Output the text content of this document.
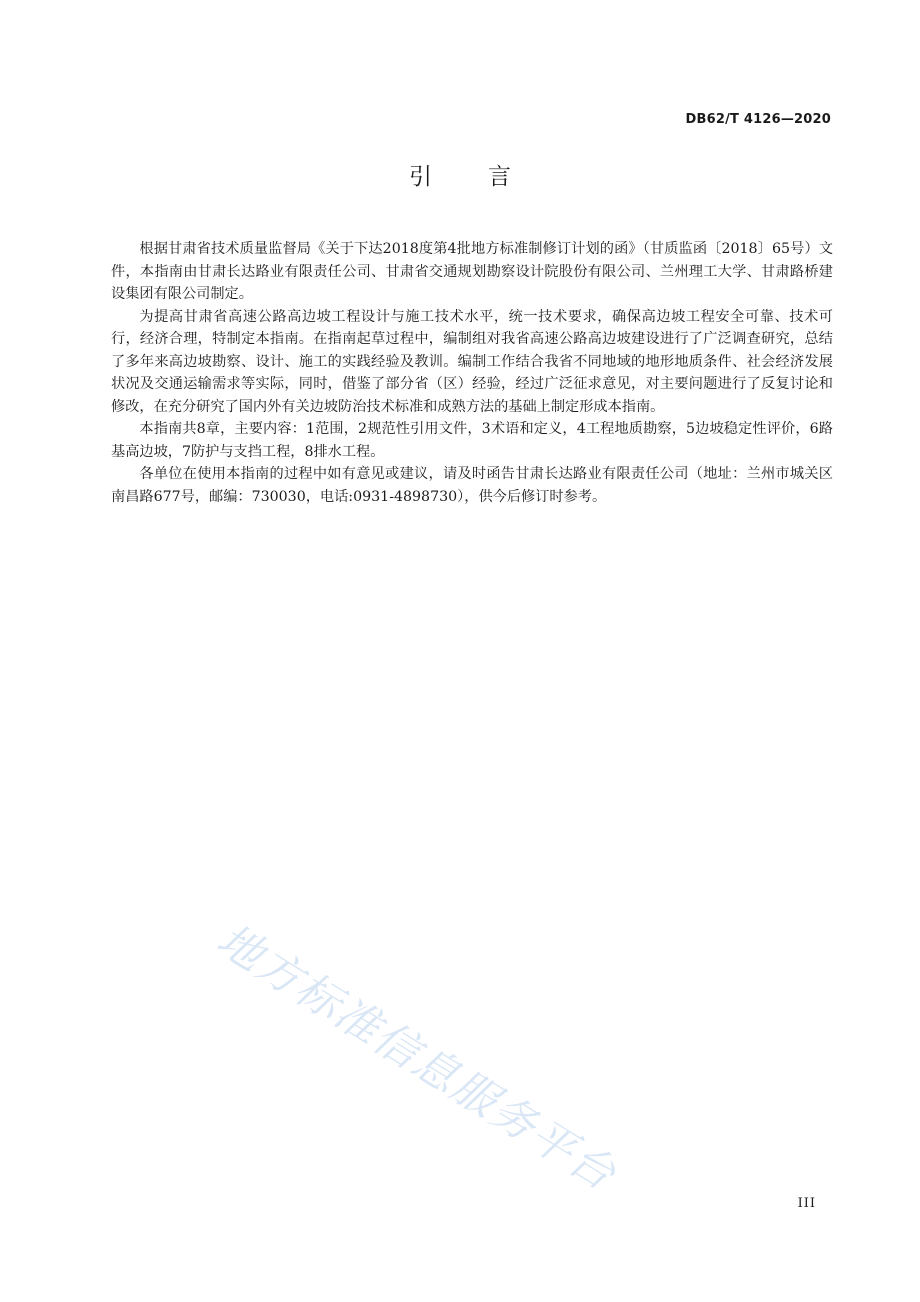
DB62/T 4126—2020
引 言

根据甘肃省技术质量监督局《关于下达2018度第4批地方标准制修订计划的函》（甘质监函〔2018〕65号）文件，本指南由甘肃长达路业有限责任公司、甘肃省交通规划勘察设计院股份有限公司、兰州理工大学、甘肃路桥建设集团有限公司制定。

为提高甘肃省高速公路高边坡工程设计与施工技术水平，统一技术要求，确保高边坡工程安全可靠、技术可行，经济合理，特制定本指南。在指南起草过程中，编制组对我省高速公路高边坡建设进行了广泛调查研究，总结了多年来高边坡勘察、设计、施工的实践经验及教训。编制工作结合我省不同地域的地形地质条件、社会经济发展状况及交通运输需求等实际，同时，借鉴了部分省（区）经验，经过广泛征求意见，对主要问题进行了反复讨论和修改，在充分研究了国内外有关边坡防治技术标准和成熟方法的基础上制定形成本指南。

本指南共8章，主要内容：1范围，2规范性引用文件，3术语和定义，4工程地质勘察，5边坡稳定性评价，6路基高边坡，7防护与支挡工程，8排水工程。

各单位在使用本指南的过程中如有意见或建议，请及时函告甘肃长达路业有限责任公司（地址：兰州市城关区南昌路677号，邮编：730030，电话:0931-4898730），供今后修订时参考。

地方标准信息服务平台
III
